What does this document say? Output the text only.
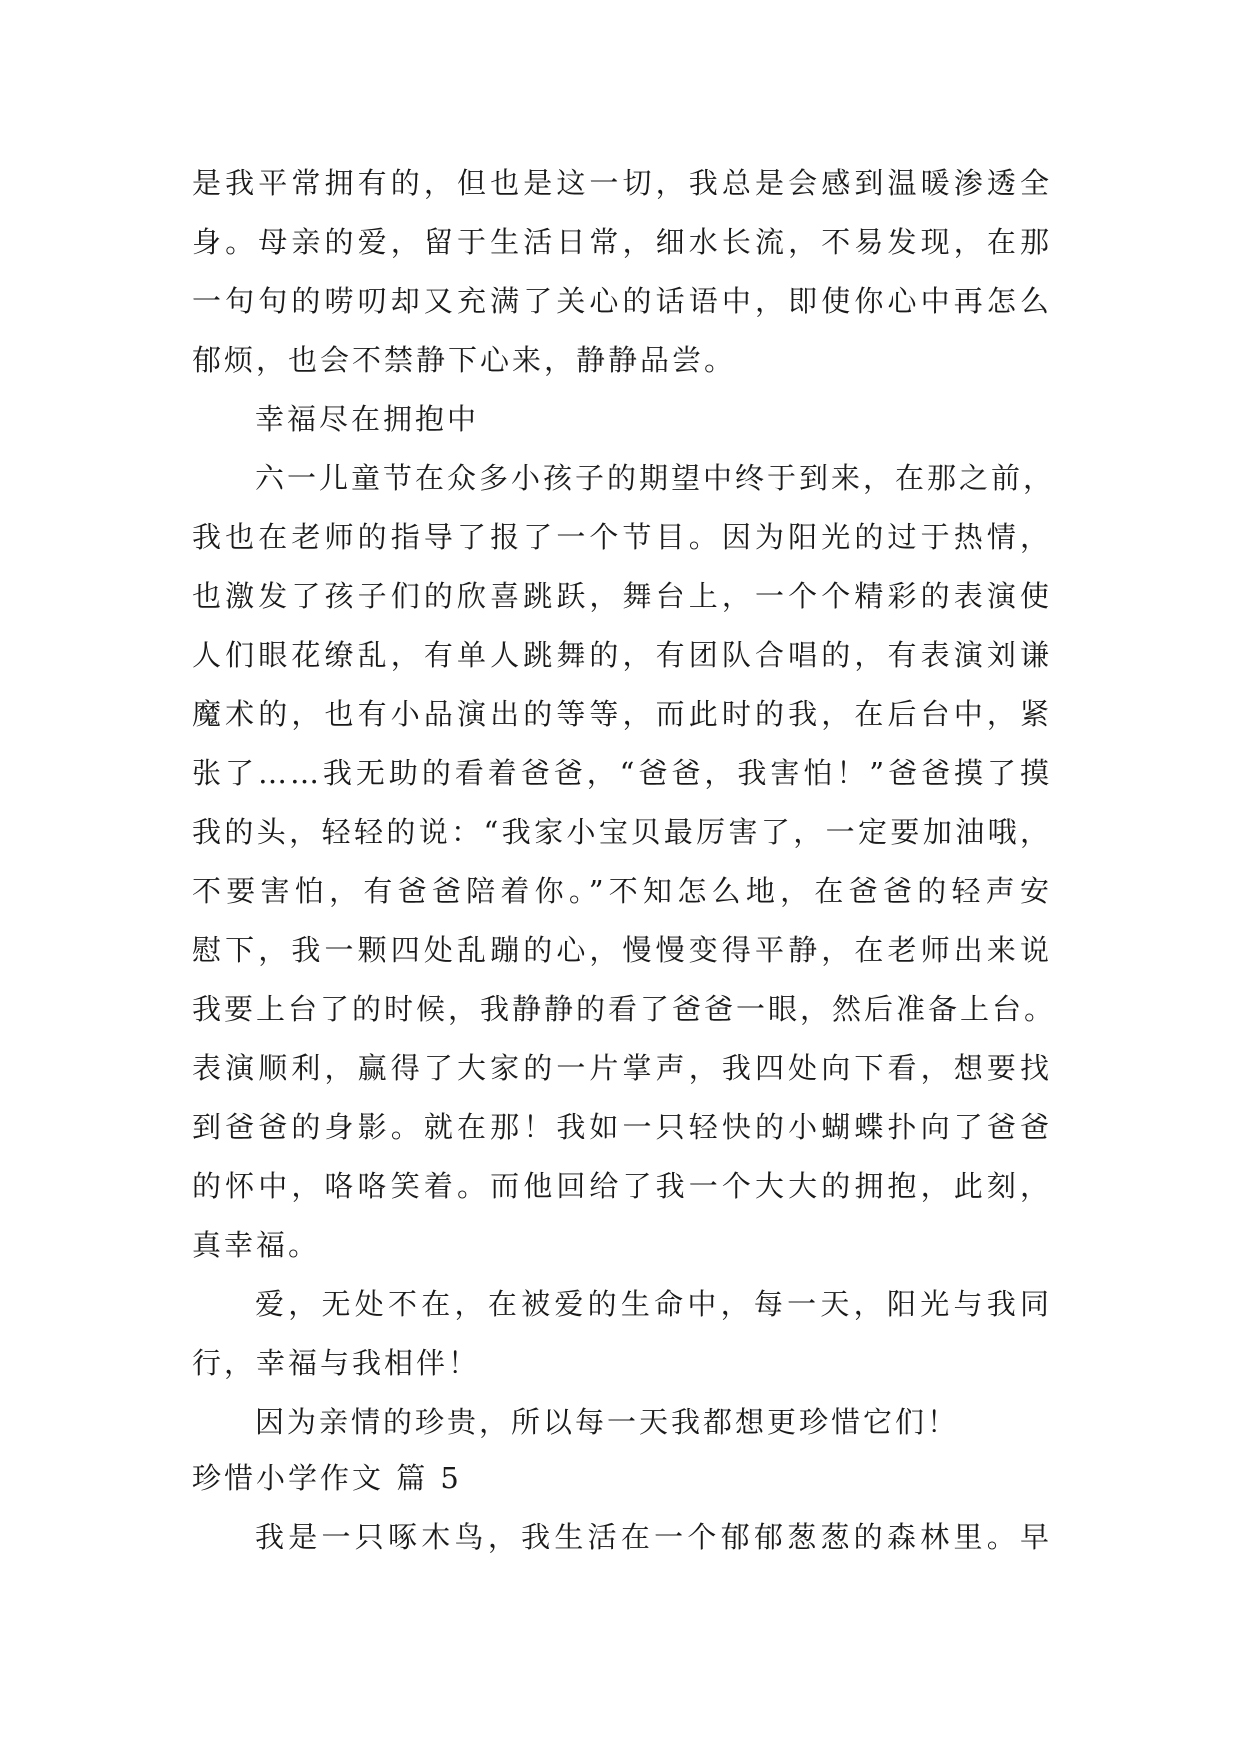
是我平常拥有的，但也是这一切，我总是会感到温暖渗透全
身。母亲的爱，留于生活日常，细水长流，不易发现，在那
一句句的唠叨却又充满了关心的话语中，即使你心中再怎么
郁烦，也会不禁静下心来，静静品尝。
幸福尽在拥抱中
六一儿童节在众多小孩子的期望中终于到来，在那之前，
我也在老师的指导了报了一个节目。因为阳光的过于热情，
也激发了孩子们的欣喜跳跃，舞台上，一个个精彩的表演使
人们眼花缭乱，有单人跳舞的，有团队合唱的，有表演刘谦
魔术的，也有小品演出的等等，而此时的我，在后台中，紧
张了……我无助的看着爸爸，“爸爸，我害怕！”爸爸摸了摸
我的头，轻轻的说：“我家小宝贝最厉害了，一定要加油哦，
不要害怕，有爸爸陪着你。”不知怎么地，在爸爸的轻声安
慰下，我一颗四处乱蹦的心，慢慢变得平静，在老师出来说
我要上台了的时候，我静静的看了爸爸一眼，然后准备上台。
表演顺利，赢得了大家的一片掌声，我四处向下看，想要找
到爸爸的身影。就在那！我如一只轻快的小蝴蝶扑向了爸爸
的怀中，咯咯笑着。而他回给了我一个大大的拥抱，此刻，
真幸福。
爱，无处不在，在被爱的生命中，每一天，阳光与我同
行，幸福与我相伴！
因为亲情的珍贵，所以每一天我都想更珍惜它们！
珍惜小学作文 篇 5
我是一只啄木鸟，我生活在一个郁郁葱葱的森林里。早
